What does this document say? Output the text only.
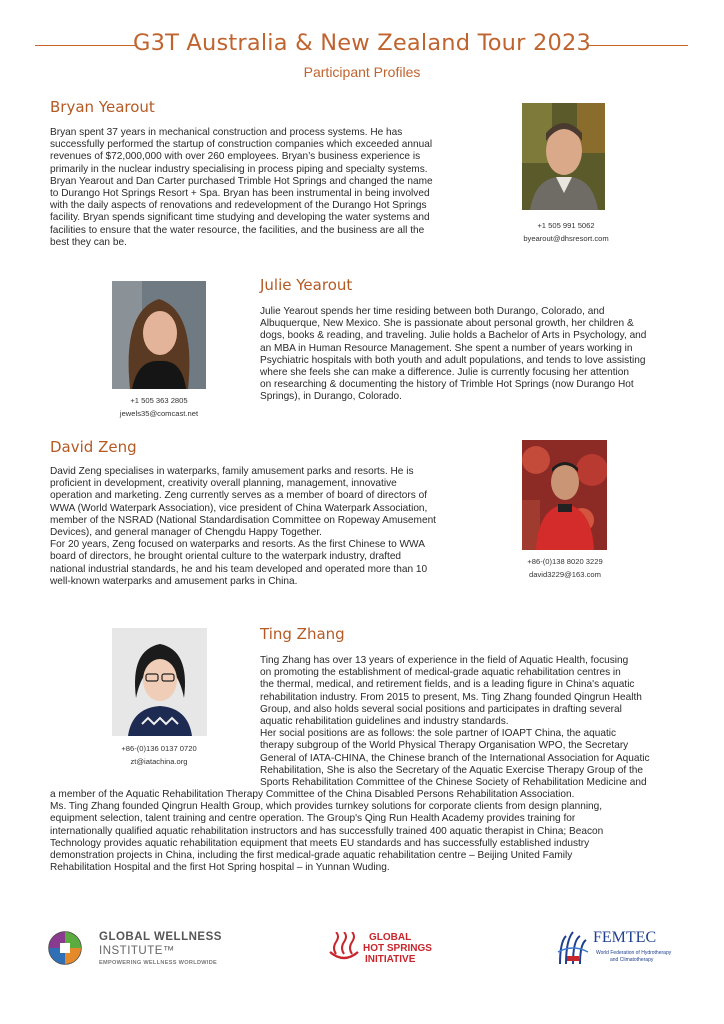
G3T Australia & New Zealand Tour 2023
Participant Profiles
Bryan Yearout
Bryan spent 37 years in mechanical construction and process systems. He has
successfully performed the startup of construction companies which exceeded annual
revenues of $72,000,000 with over 260 employees. Bryan’s business experience is
primarily in the nuclear industry specialising in process piping and specialty systems.
Bryan Yearout and Dan Carter purchased Trimble Hot Springs and changed the name
to Durango Hot Springs Resort + Spa. Bryan has been instrumental in being involved
with the daily aspects of renovations and redevelopment of the Durango Hot Springs
facility. Bryan spends significant time studying and developing the water systems and
facilities to ensure that the water resource, the facilities, and the business are all the
best they can be.
+1 505 991 5062
byearout@dhsresort.com
+1 505 363 2805
jewels35@comcast.net
Julie Yearout
Julie Yearout spends her time residing between both Durango, Colorado, and
Albuquerque, New Mexico. She is passionate about personal growth, her children &
dogs, books & reading, and traveling. Julie holds a Bachelor of Arts in Psychology, and
an MBA in Human Resource Management. She spent a number of years working in
Psychiatric hospitals with both youth and adult populations, and tends to love assisting
where she feels she can make a difference. Julie is currently focusing her attention
on researching & documenting the history of Trimble Hot Springs (now Durango Hot
Springs), in Durango, Colorado.
David Zeng
David Zeng specialises in waterparks, family amusement parks and resorts. He is
proficient in development, creativity overall planning, management, innovative
operation and marketing. Zeng currently serves as a member of board of directors of
WWA (World Waterpark Association), vice president of China Waterpark Association,
member of the NSRAD (National Standardisation Committee on Ropeway Amusement
Devices), and general manager of Chengdu Happy Together.
For 20 years, Zeng focused on waterparks and resorts. As the first Chinese to WWA
board of directors, he brought oriental culture to the waterpark industry, drafted
national industrial standards, he and his team developed and operated more than 10
well-known waterparks and amusement parks in China.
+86-(0)138 8020 3229
david3229@163.com
+86-(0)136 0137 0720
zt@iatachina.org
Ting Zhang
Ting Zhang has over 13 years of experience in the field of Aquatic Health, focusing
on promoting the establishment of medical-grade aquatic rehabilitation centres in
the thermal, medical, and retirement fields, and is a leading figure in China's aquatic
rehabilitation industry. From 2015 to present, Ms. Ting Zhang founded Qingrun Health
Group, and also holds several social positions and participates in drafting several
aquatic rehabilitation guidelines and industry standards.
Her social positions are as follows: the sole partner of IOAPT China, the aquatic
therapy subgroup of the World Physical Therapy Organisation WPO, the Secretary
General of IATA-CHINA, the Chinese branch of the International Association for Aquatic
Rehabilitation, She is also the Secretary of the Aquatic Exercise Therapy Group of the
Sports Rehabilitation Committee of the Chinese Society of Rehabilitation Medicine and
a member of the Aquatic Rehabilitation Therapy Committee of the China Disabled Persons Rehabilitation Association.
Ms. Ting Zhang founded Qingrun Health Group, which provides turnkey solutions for corporate clients from design planning,
equipment selection, talent training and centre operation. The Group's Qing Run Health Academy provides training for
internationally qualified aquatic rehabilitation instructors and has successfully trained 400 aquatic therapist in China; Beacon
Technology provides aquatic rehabilitation equipment that meets EU standards and has successfully established industry
demonstration projects in China, including the first medical-grade aquatic rehabilitation centre – Beijing United Family
Rehabilitation Hospital and the first Hot Spring hospital – in Yunnan Wuding.
GLOBAL WELLNESS
INSTITUTE™
EMPOWERING WELLNESS WORLDWIDE
GLOBAL
HOT SPRINGS
INITIATIVE
FEMTEC
World Federation of Hydrotherapy
and Climatotherapy
